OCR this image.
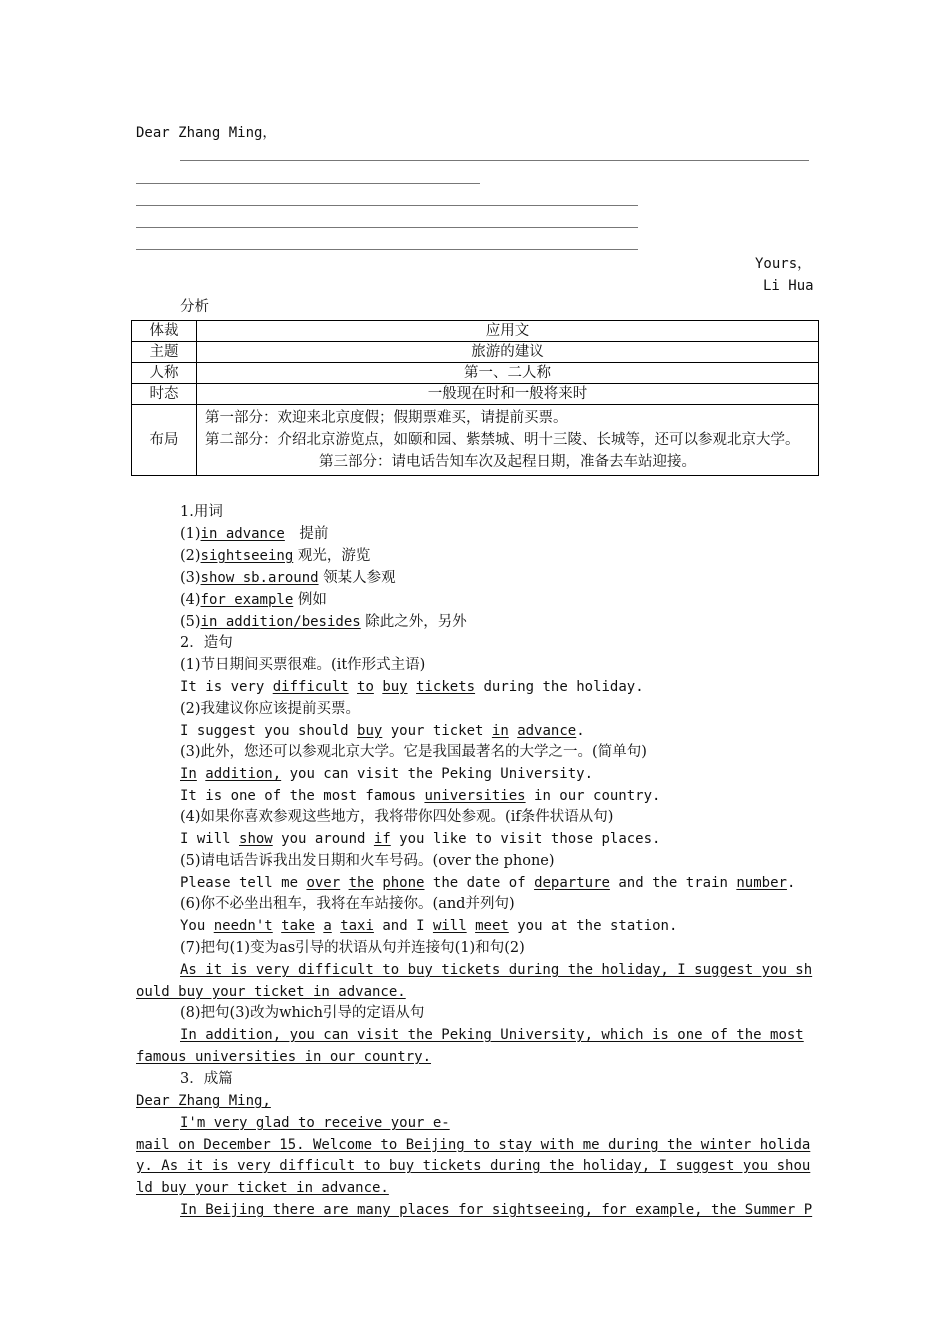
Dear Zhang Ming，
Yours，
Li Hua
分析
体裁	应用文
主题	旅游的建议
人称	第一、二人称
时态	一般现在时和一般将来时
布局	第一部分：欢迎来北京度假；假期票难买，请提前买票。
第二部分：介绍北京游览点，如颐和园、紫禁城、明十三陵、长城等，还可以参观北京大学。
第三部分：请电话告知车次及起程日期，准备去车站迎接。
1.用词
(1)in advance　提前
(2)sightseeing 观光，游览
(3)show sb.around 领某人参观
(4)for example 例如
(5)in addition/besides 除此之外，另外
2．造句
(1)节日期间买票很难。(it作形式主语)
It is very difficult to buy tickets during the holiday.
(2)我建议你应该提前买票。
I suggest you should buy your ticket in advance.
(3)此外，您还可以参观北京大学。它是我国最著名的大学之一。(简单句)
In addition, you can visit the Peking University.
It is one of the most famous universities in our country.
(4)如果你喜欢参观这些地方，我将带你四处参观。(if条件状语从句)
I will show you around if you like to visit those places.
(5)请电话告诉我出发日期和火车号码。(over the phone)
Please tell me over the phone the date of departure and the train number.
(6)你不必坐出租车，我将在车站接你。(and并列句)
You needn't take a taxi and I will meet you at the station.
(7)把句(1)变为as引导的状语从句并连接句(1)和句(2)
As it is very difficult to buy tickets during the holiday, I suggest you sh
ould buy your ticket in advance.
(8)把句(3)改为which引导的定语从句
In addition, you can visit the Peking University, which is one of the most
famous universities in our country.
3．成篇
Dear Zhang Ming,
I'm very glad to receive your e-
mail on December 15. Welcome to Beijing to stay with me during the winter holida
y. As it is very difficult to buy tickets during the holiday, I suggest you shou
ld buy your ticket in advance.
In Beijing there are many places for sightseeing, for example, the Summer P
